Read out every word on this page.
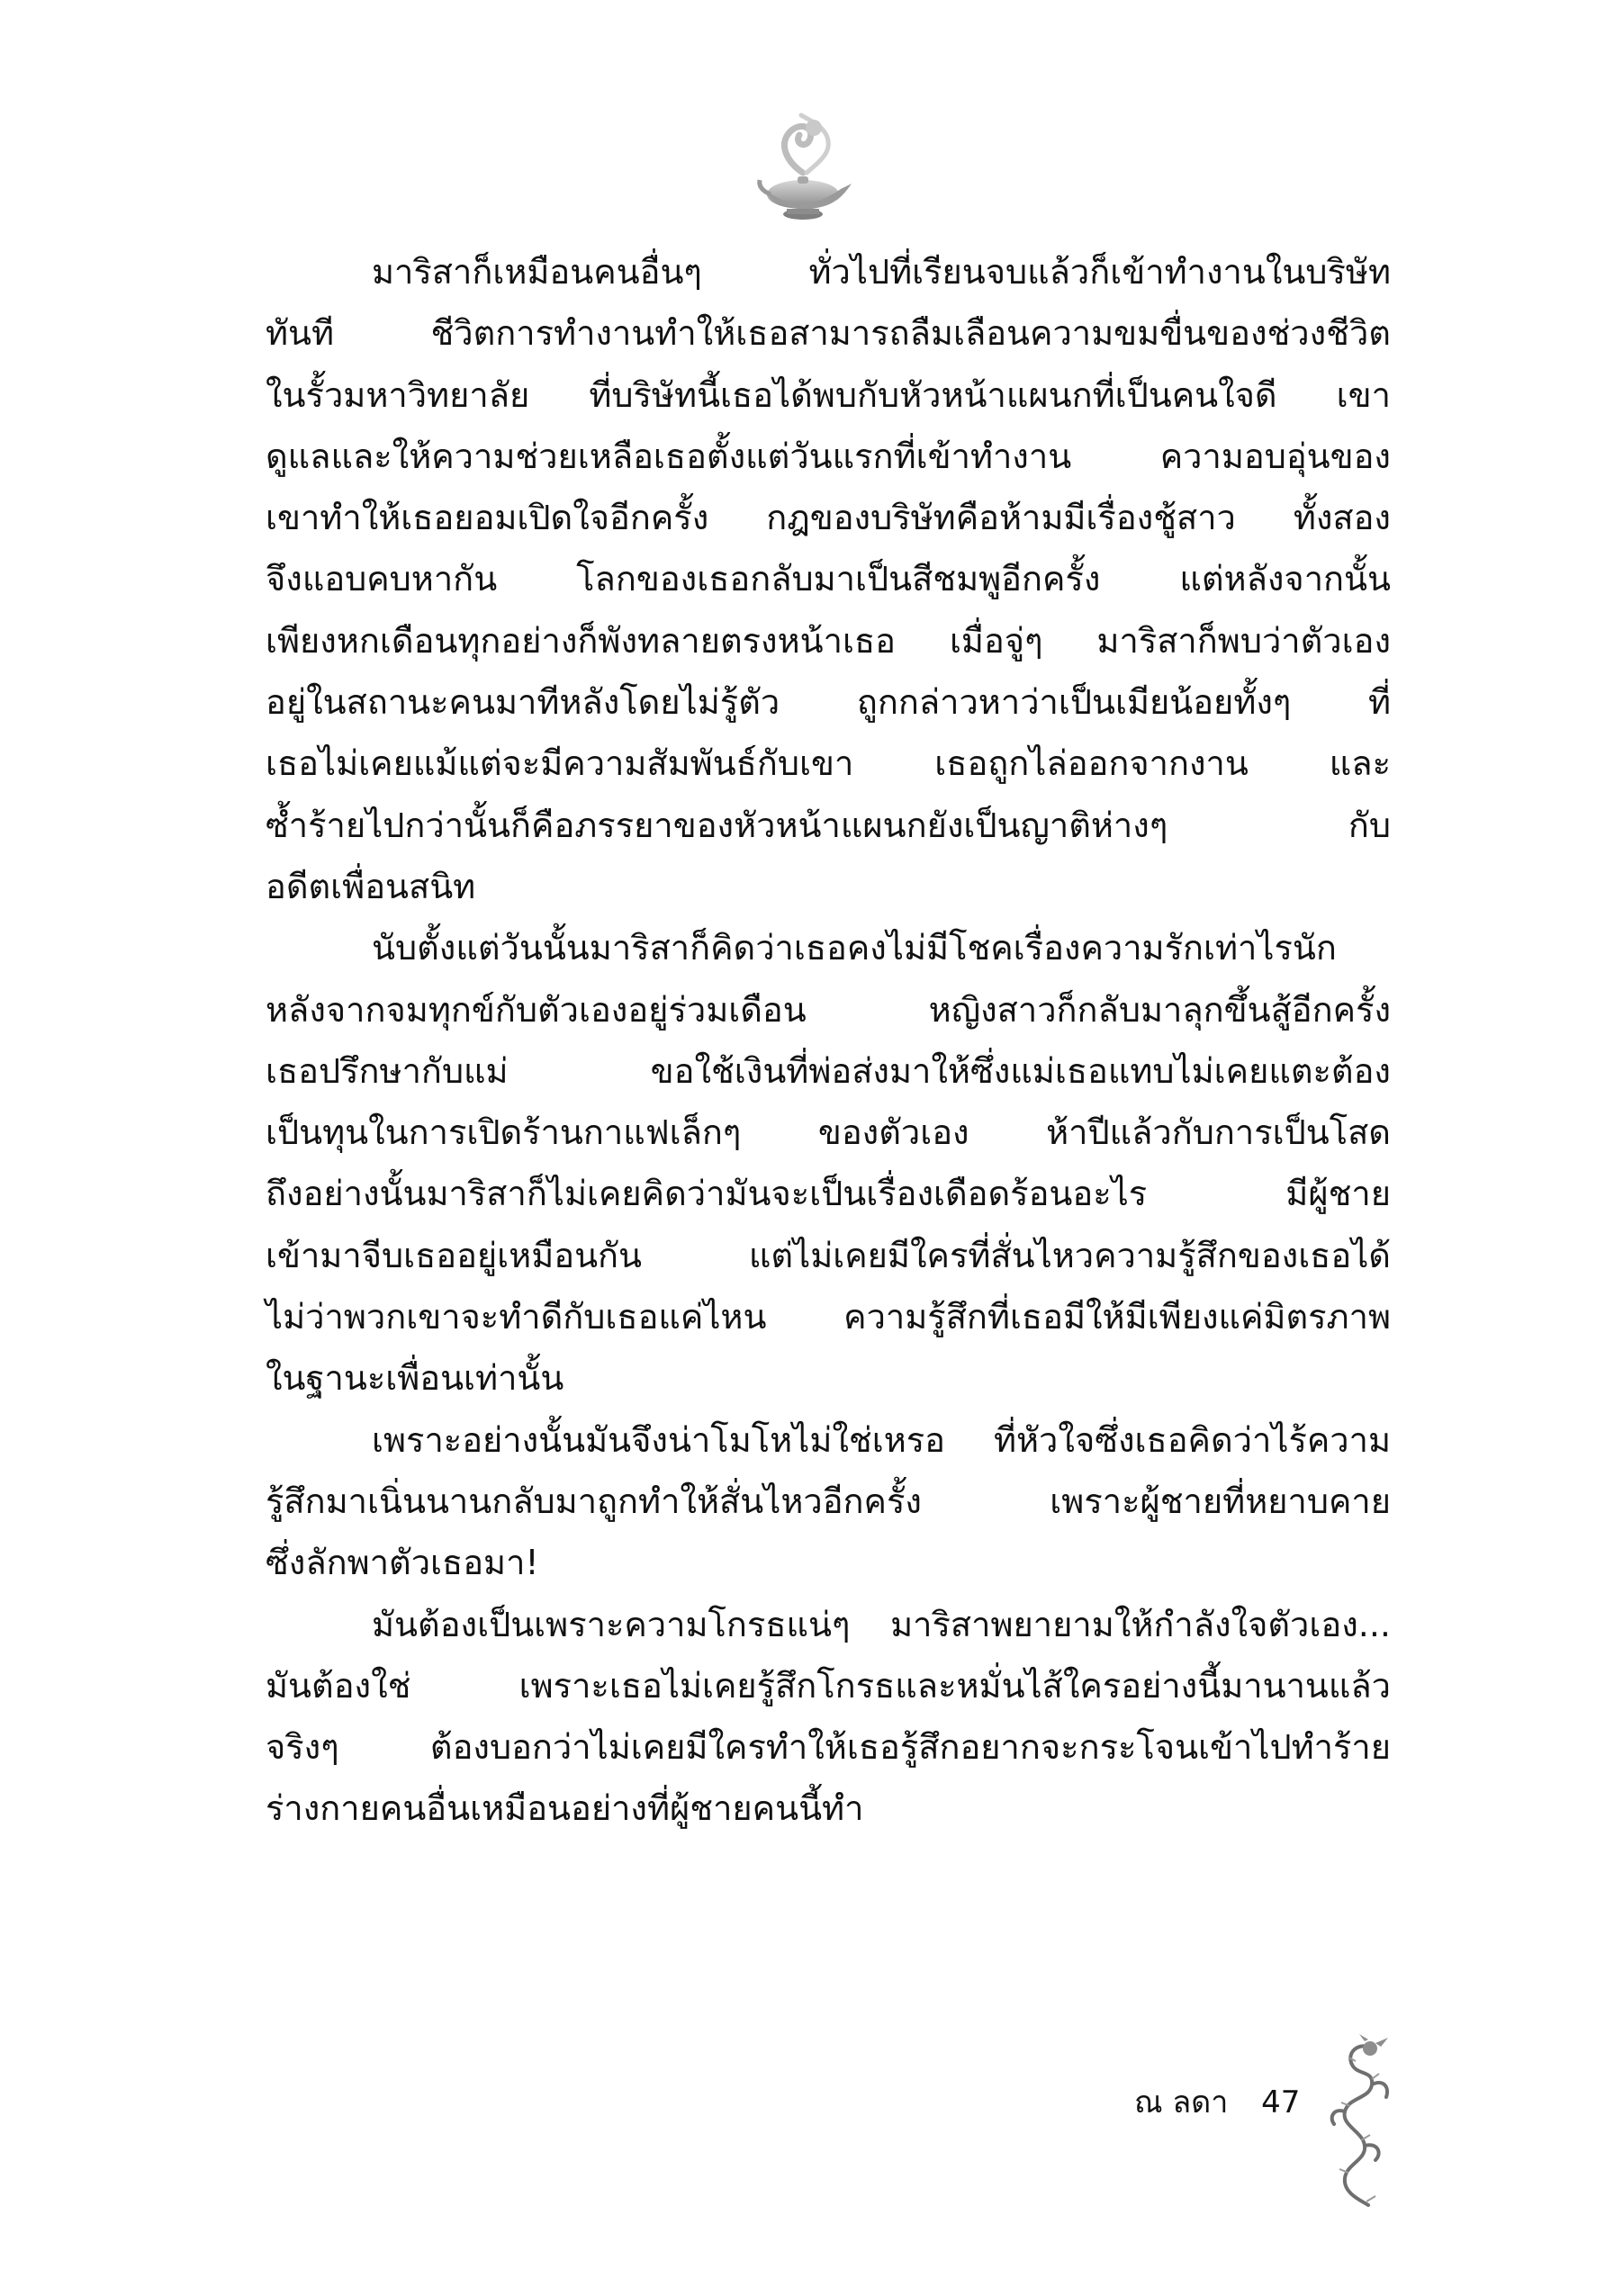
มาริสาก็เหมือนคนอื่นๆ ทั่วไปที่เรียนจบแล้วก็เข้าทำงานในบริษัท
ทันที ชีวิตการทำงานทำให้เธอสามารถลืมเลือนความขมขื่นของช่วงชีวิต
ในรั้วมหาวิทยาลัย ที่บริษัทนี้เธอได้พบกับหัวหน้าแผนกที่เป็นคนใจดี เขา
ดูแลและให้ความช่วยเหลือเธอตั้งแต่วันแรกที่เข้าทำงาน ความอบอุ่นของ
เขาทำให้เธอยอมเปิดใจอีกครั้ง กฎของบริษัทคือห้ามมีเรื่องชู้สาว ทั้งสอง
จึงแอบคบหากัน โลกของเธอกลับมาเป็นสีชมพูอีกครั้ง แต่หลังจากนั้น
เพียงหกเดือนทุกอย่างก็พังทลายตรงหน้าเธอ เมื่อจู่ๆ มาริสาก็พบว่าตัวเอง
อยู่ในสถานะคนมาทีหลังโดยไม่รู้ตัว ถูกกล่าวหาว่าเป็นเมียน้อยทั้งๆ ที่
เธอไม่เคยแม้แต่จะมีความสัมพันธ์กับเขา เธอถูกไล่ออกจากงาน และ
ซ้ำร้ายไปกว่านั้นก็คือภรรยาของหัวหน้าแผนกยังเป็นญาติห่างๆ กับ
อดีตเพื่อนสนิท
นับตั้งแต่วันนั้นมาริสาก็คิดว่าเธอคงไม่มีโชคเรื่องความรักเท่าไรนัก
หลังจากจมทุกข์กับตัวเองอยู่ร่วมเดือน หญิงสาวก็กลับมาลุกขึ้นสู้อีกครั้ง
เธอปรึกษากับแม่ ขอใช้เงินที่พ่อส่งมาให้ซึ่งแม่เธอแทบไม่เคยแตะต้อง
เป็นทุนในการเปิดร้านกาแฟเล็กๆ ของตัวเอง ห้าปีแล้วกับการเป็นโสด
ถึงอย่างนั้นมาริสาก็ไม่เคยคิดว่ามันจะเป็นเรื่องเดือดร้อนอะไร มีผู้ชาย
เข้ามาจีบเธออยู่เหมือนกัน แต่ไม่เคยมีใครที่สั่นไหวความรู้สึกของเธอได้
ไม่ว่าพวกเขาจะทำดีกับเธอแค่ไหน ความรู้สึกที่เธอมีให้มีเพียงแค่มิตรภาพ
ในฐานะเพื่อนเท่านั้น
เพราะอย่างนั้นมันจึงน่าโมโหไม่ใช่เหรอ ที่หัวใจซึ่งเธอคิดว่าไร้ความ
รู้สึกมาเนิ่นนานกลับมาถูกทำให้สั่นไหวอีกครั้ง เพราะผู้ชายที่หยาบคาย
ซึ่งลักพาตัวเธอมา!
มันต้องเป็นเพราะความโกรธแน่ๆ มาริสาพยายามให้กำลังใจตัวเอง...
มันต้องใช่ เพราะเธอไม่เคยรู้สึกโกรธและหมั่นไส้ใครอย่างนี้มานานแล้ว
จริงๆ ต้องบอกว่าไม่เคยมีใครทำให้เธอรู้สึกอยากจะกระโจนเข้าไปทำร้าย
ร่างกายคนอื่นเหมือนอย่างที่ผู้ชายคนนี้ทำ
ณ ลดา 47
